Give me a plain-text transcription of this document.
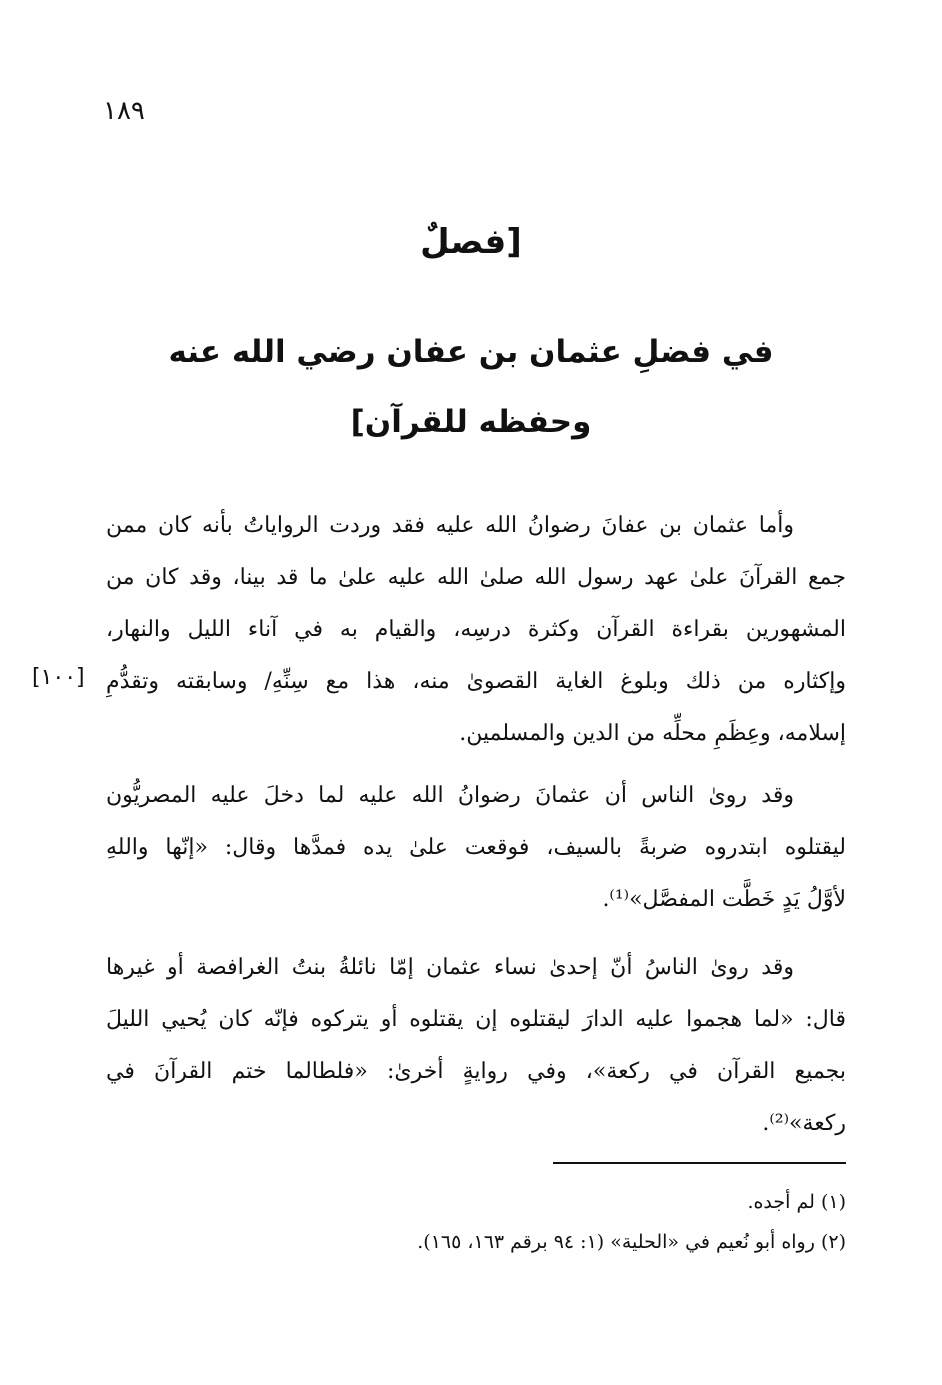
١٨٩
[فصلٌ
في فضلِ عثمان بن عفان رضي الله عنه
وحفظه للقرآن]
وأما عثمان بن عفانَ رضوانُ الله عليه فقد وردت الرواياتُ بأنه كان ممن
جمع القرآنَ علىٰ عهد رسول الله صلىٰ الله عليه علىٰ ما قد بينا، وقد كان من
المشهورين بقراءة القرآن وكثرة درسِه، والقيام به في آناء الليل والنهار،
وإكثاره من ذلك وبلوغ الغاية القصوىٰ منه، هذا مع سِنِّهِ/ وسابقته وتقدُّمِ
إسلامه، وعِظَمِ محلِّه من الدين والمسلمين.
[١٠٠]
وقد روىٰ الناس أن عثمانَ رضوانُ الله عليه لما دخلَ عليه المصريُّون
ليقتلوه ابتدروه ضربةً بالسيف، فوقعت علىٰ يده فمدَّها وقال: «إنّها واللهِ
لأوَّلُ يَدٍ خَطَّت المفصَّل»⁽¹⁾.
وقد روىٰ الناسُ أنّ إحدىٰ نساء عثمان إمّا نائلةُ بنتُ الغرافصة أو غيرها
قال: «لما هجموا عليه الدارَ ليقتلوه إن يقتلوه أو يتركوه فإنّه كان يُحيي الليلَ
بجميع القرآن في ركعة»، وفي روايةٍ أخرىٰ: «فلطالما ختم القرآنَ في
ركعة»⁽²⁾.
(١) لم أجده.
(٢) رواه أبو نُعيم في «الحلية» (١: ٩٤ برقم ١٦٣، ١٦٥).
